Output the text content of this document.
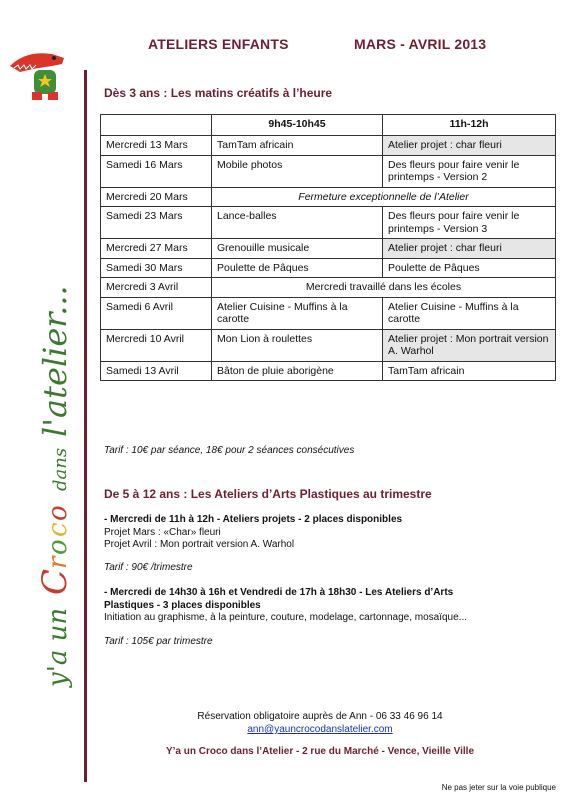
y'a un
C
r
o
c
o
dans
l'atelier...
ATELIERS ENFANTS	MARS - AVRIL 2013
Dès 3 ans : Les matins créatifs à l’heure
	9h45-10h45	11h-12h
Mercredi 13 Mars	TamTam africain	Atelier projet : char fleuri
Samedi 16 Mars	Mobile photos	Des fleurs pour faire venir le printemps - Version 2
Mercredi 20 Mars	Fermeture exceptionnelle de l’Atelier	
Samedi 23 Mars	Lance-balles	Des fleurs pour faire venir le printemps - Version 3
Mercredi 27 Mars	Grenouille musicale	Atelier projet : char fleuri
Samedi 30 Mars	Poulette de Pâques	Poulette de Pâques
Mercredi 3 Avril	Mercredi travaillé dans les écoles	
Samedi 6 Avril	Atelier Cuisine - Muffins à la carotte	Atelier Cuisine - Muffins à la carotte
Mercredi 10 Avril	Mon Lion à roulettes	Atelier projet : Mon portrait version A. Warhol
Samedi 13 Avril	Bâton de pluie aborigène	TamTam africain
Tarif : 10€ par séance, 18€ pour 2 séances consécutives
De 5 à 12 ans : Les Ateliers d’Arts Plastiques au trimestre
- Mercredi de 11h à 12h - Ateliers projets - 2 places disponibles
Projet Mars : «Char» fleuri
Projet Avril : Mon portrait version A. Warhol
Tarif : 90€ /trimestre
- Mercredi de 14h30 à 16h et Vendredi de 17h à 18h30 - Les Ateliers d’Arts
Plastiques - 3 places disponibles
Initiation au graphisme, à la peinture, couture, modelage, cartonnage, mosaïque...
Tarif : 105€ par trimestre
Réservation obligatoire auprès de Ann - 06 33 46 96 14
ann@yauncrocodanslatelier.com
Y’a un Croco dans l’Atelier - 2 rue du Marché - Vence, Vieille Ville
Ne pas jeter sur la voie publique
